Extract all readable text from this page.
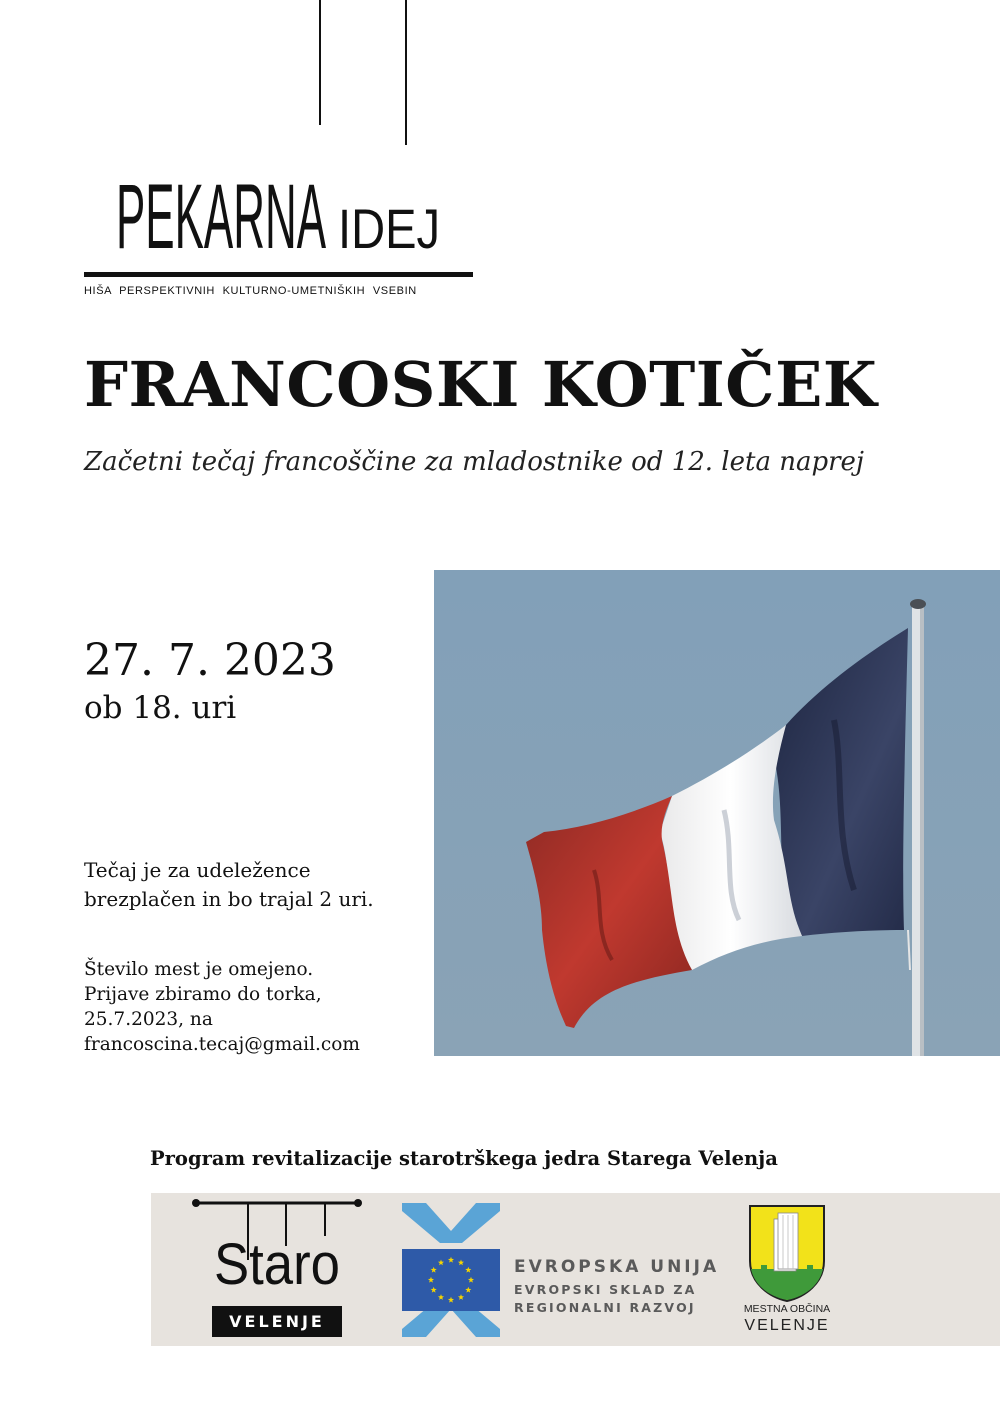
PEKARNA IDEJ
HIŠA PERSPEKTIVNIH KULTURNO-UMETNIŠKIH VSEBIN
FRANCOSKI KOTIČEK
Začetni tečaj francoščine za mladostnike od 12. leta naprej
27. 7. 2023
ob 18. uri
Tečaj je za udeležence
brezplačen in bo trajal 2 uri.
Število mest je omejeno.
Prijave zbiramo do torka,
25.7.2023, na
francoscina.tecaj@gmail.com
Program revitalizacije starotrškega jedra Starega Velenja
Staro
VELENJE
EVROPSKA UNIJA
EVROPSKI SKLAD ZA
REGIONALNI RAZVOJ	MESTNA OBČINA
VELENJE
